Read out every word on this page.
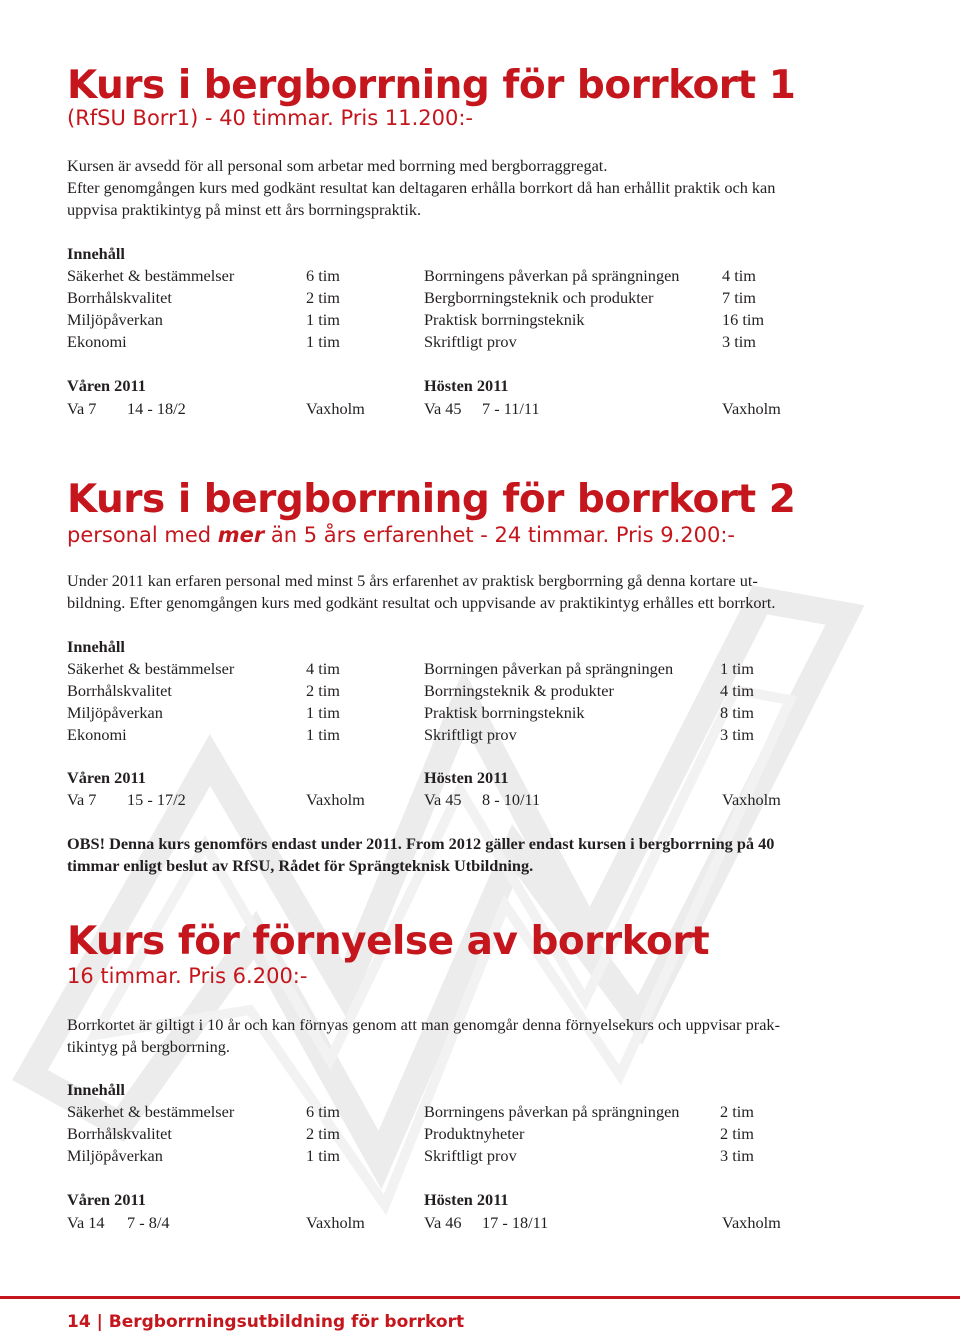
Kurs i bergborrning för borrkort 1
(RfSU Borr1) - 40 timmar. Pris 11.200:-

Kursen är avsedd för all personal som arbetar med borrning med bergborraggregat.
Efter genomgången kurs med godkänt resultat kan deltagaren erhålla borrkort då han erhållit praktik och kan
uppvisa praktikintyg på minst ett års borrningspraktik.

Innehåll
Säkerhet & bestämmelser	6 tim	Borrningens påverkan på sprängningen	4 tim
Borrhålskvalitet	2 tim	Bergborrningsteknik och produkter	7 tim
Miljöpåverkan	1 tim	Praktisk borrningsteknik	16 tim
Ekonomi	1 tim	Skriftligt prov	3 tim
Våren 2011	Hösten 2011
Va 7 14 - 18/2	Vaxholm	Va 45 7 - 11/11	Vaxholm
Kurs i bergborrning för borrkort 2
personal med mer än 5 års erfarenhet - 24 timmar. Pris 9.200:-

Under 2011 kan erfaren personal med minst 5 års erfarenhet av praktisk bergborrning gå denna kortare ut-
bildning. Efter genomgången kurs med godkänt resultat och uppvisande av praktikintyg erhålles ett borrkort.

Innehåll
Säkerhet & bestämmelser	4 tim	Borrningen påverkan på sprängningen	1 tim
Borrhålskvalitet	2 tim	Borrningsteknik & produkter	4 tim
Miljöpåverkan	1 tim	Praktisk borrningsteknik	8 tim
Ekonomi	1 tim	Skriftligt prov	3 tim
Våren 2011	Hösten 2011
Va 7 15 - 17/2	Vaxholm	Va 45 8 - 10/11	Vaxholm

OBS! Denna kurs genomförs endast under 2011. From 2012 gäller endast kursen i bergborrning på 40
timmar enligt beslut av RfSU, Rådet för Sprängteknisk Utbildning.

Kurs för förnyelse av borrkort
16 timmar. Pris 6.200:-

Borrkortet är giltigt i 10 år och kan förnyas genom att man genomgår denna förnyelsekurs och uppvisar prak-
tikintyg på bergborrning.

Innehåll
Säkerhet & bestämmelser	6 tim	Borrningens påverkan på sprängningen 2 tim
Borrhålskvalitet	2 tim	Produktnyheter	2 tim
Miljöpåverkan	1 tim	Skriftligt prov	3 tim
Våren 2011	Hösten 2011
Va 14 7 - 8/4	Vaxholm	Va 46 17 - 18/11	Vaxholm

14 | Bergborrningsutbildning för borrkort
